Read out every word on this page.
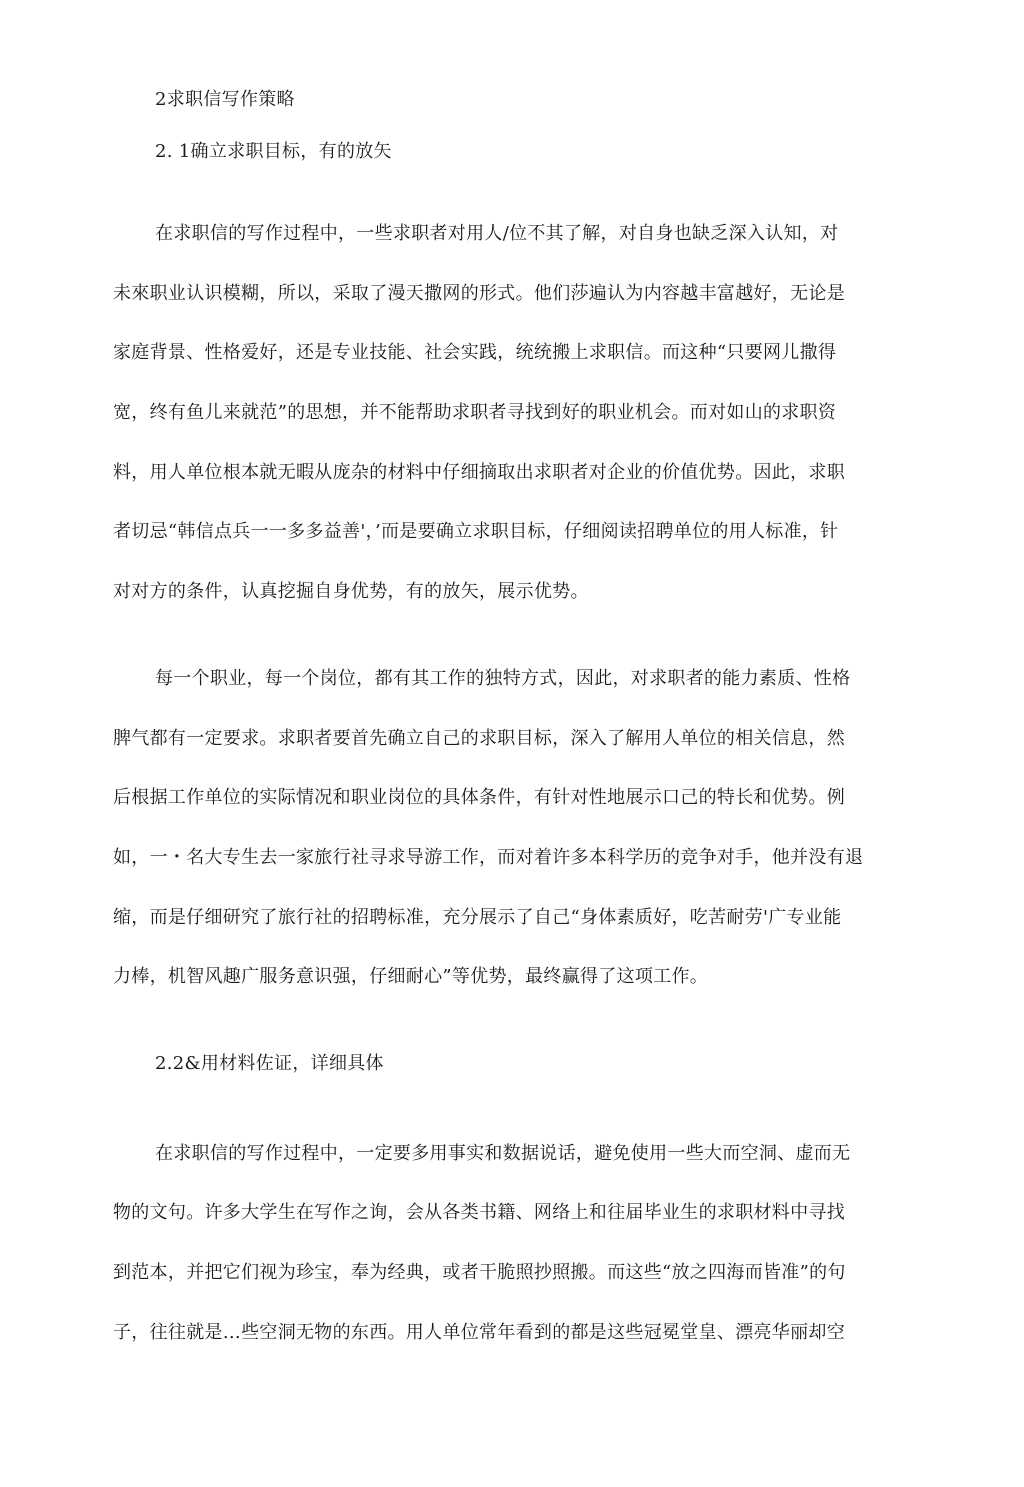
2求职信写作策略
2. 1确立求职目标，有的放矢
在求职信的写作过程中，一些求职者对用人/位不其了解，对自身也缺乏深入认知，对
未來职业认识模糊，所以，采取了漫天撒网的形式。他们莎遍认为内容越丰富越好，无论是
家庭背景、性格爱好，还是专业技能、社会实践，统统搬上求职信。而这种“只要网儿撒得
宽，终有鱼儿来就范”的思想，并不能帮助求职者寻找到好的职业机会。而对如山的求职资
料，用人单位根本就无暇从庞杂的材料中仔细摘取出求职者对企业的价值优势。因此，求职
者切忌“韩信点兵一一多多益善'，’而是要确立求职目标，仔细阅读招聘单位的用人标准，针
对对方的条件，认真挖掘自身优势，有的放矢，展示优势。
每一个职业，每一个岗位，都有其工作的独特方式，因此，对求职者的能力素质、性格
脾气都有一定要求。求职者要首先确立自己的求职目标，深入了解用人单位的相关信息，然
后根据工作单位的实际情况和职业岗位的具体条件，有针对性地展示口己的特长和优势。例
如，一・名大专生去一家旅行社寻求导游工作，而对着许多本科学历的竞争对手，他并没有退
缩，而是仔细研究了旅行社的招聘标准，充分展示了自己“身体素质好，吃苦耐劳'广专业能
力棒，机智风趣广服务意识强，仔细耐心”等优势，最终赢得了这项工作。
2.2&用材料佐证，详细具体
在求职信的写作过程中，一定要多用事实和数据说话，避免使用一些大而空洞、虚而无
物的文句。许多大学生在写作之询，会从各类书籍、网络上和往届毕业生的求职材料中寻找
到范本，并把它们视为珍宝，奉为经典，或者干脆照抄照搬。而这些“放之四海而皆准”的句
子，往往就是…些空洞无物的东西。用人单位常年看到的都是这些冠冕堂皇、漂亮华丽却空
